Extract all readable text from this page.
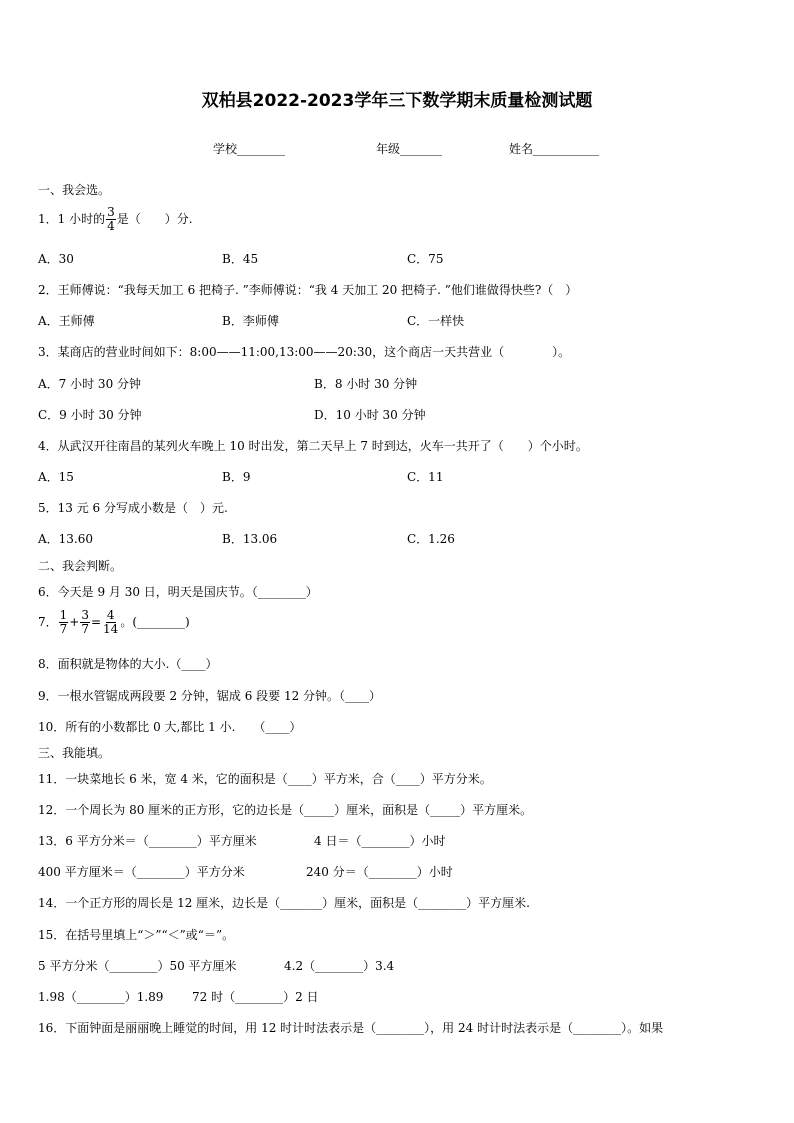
双柏县2022-2023学年三下数学期末质量检测试题
学校________	年级_______	姓名___________
一、我会选。
1．1 小时的 $\frac{3}{4}$ 是（　　）分.
A．30	B．45	C．75
2．王师傅说：“我每天加工 6 把椅子. ”李师傅说：“我 4 天加工 20 把椅子. ”他们谁做得快些?（　）
A．王师傅	B．李师傅	C．一样快
3．某商店的营业时间如下：8:00——11:00,13:00——20:30，这个商店一天共营业（　　　　）。
A．7 小时 30 分钟	B．8 小时 30 分钟
C．9 小时 30 分钟	D．10 小时 30 分钟
4．从武汉开往南昌的某列火车晚上 10 时出发，第二天早上 7 时到达，火车一共开了（　　）个小时。
A．15	B．9	C．11
5．13 元 6 分写成小数是（　）元.
A．13.60	B．13.06	C．1.26
二、我会判断。
6．今天是 9 月 30 日，明天是国庆节。（________）
7． $\frac{1}{7} + \frac{3}{7} = \frac{4}{14}$ 。(________)
8．面积就是物体的大小.（____）
9．一根水管锯成两段要 2 分钟，锯成 6 段要 12 分钟。（____）
10．所有的小数都比 0 大,都比 1 小.　　（____）
三、我能填。
11．一块菜地长 6 米，宽 4 米，它的面积是（____）平方米，合（____）平方分米。
12．一个周长为 80 厘米的正方形，它的边长是（_____）厘米，面积是（_____）平方厘米。
13．6 平方分米＝（________）平方厘米	4 日＝（________）小时
400 平方厘米＝（________）平方分米	240 分＝（________）小时
14．一个正方形的周长是 12 厘米，边长是（_______）厘米，面积是（________）平方厘米.
15．在括号里填上“＞”“＜”或“＝”。
5 平方分米（________）50 平方厘米	4.2（________）3.4
1.98（________）1.89 72 时（________）2 日
16．下面钟面是丽丽晚上睡觉的时间，用 12 时计时法表示是（________），用 24 时计时法表示是（________）。如果
